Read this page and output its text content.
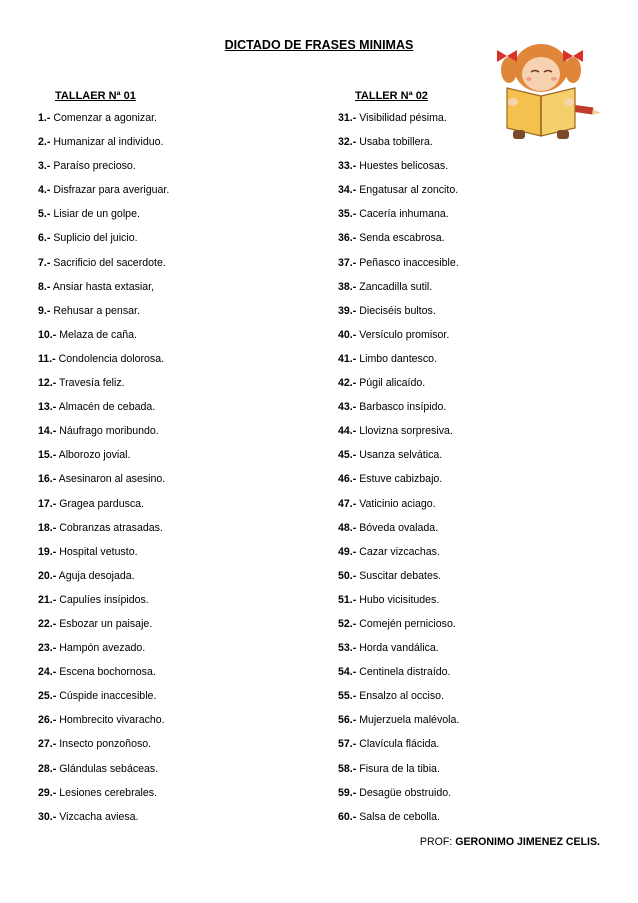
DICTADO DE FRASES MINIMAS
TALLAER Nª 01	TALLER Nª 02
1.- Comenzar a agonizar.
2.- Humanizar al individuo.
3.- Paraíso precioso.
4.- Disfrazar para averiguar.
5.- Lisiar de un golpe.
6.- Suplicio del juicio.
7.- Sacrificio del sacerdote.
8.- Ansiar hasta extasiar,
9.- Rehusar a pensar.
10.- Melaza de caña.
11.- Condolencia dolorosa.
12.- Travesía feliz.
13.- Almacén de cebada.
14.- Náufrago moribundo.
15.- Alborozo jovial.
16.- Asesinaron al asesino.
17.- Gragea pardusca.
18.- Cobranzas atrasadas.
19.- Hospital vetusto.
20.- Aguja desojada.
21.- Capulíes insípidos.
22.- Esbozar un paisaje.
23.- Hampón avezado.
24.- Escena bochornosa.
25.- Cúspide inaccesible.
26.- Hombrecito vivaracho.
27.- Insecto ponzoñoso.
28.- Glándulas sebáceas.
29.- Lesiones cerebrales.
30.- Vizcacha aviesa.
31.- Visibilidad pésima.
32.- Usaba tobillera.
33.- Huestes belicosas.
34.- Engatusar al zoncito.
35.- Cacería inhumana.
36.- Senda escabrosa.
37.- Peñasco inaccesible.
38.- Zancadilla sutil.
39.- Dieciséis bultos.
40.- Versículo promisor.
41.- Limbo dantesco.
42.- Púgil alicaído.
43.- Barbasco insípido.
44.- Llovizna sorpresiva.
45.- Usanza selvática.
46.- Estuve cabizbajo.
47.- Vaticinio aciago.
48.- Bóveda ovalada.
49.- Cazar vizcachas.
50.- Suscitar debates.
51.- Hubo vicisitudes.
52.- Comején pernicioso.
53.- Horda vandálica.
54.- Centinela distraído.
55.- Ensalzo al occiso.
56.- Mujerzuela malévola.
57.- Clavícula flácida.
58.- Fisura de la tibia.
59.- Desagüe obstruido.
60.- Salsa de cebolla.
PROF: GERONIMO JIMENEZ CELIS.
